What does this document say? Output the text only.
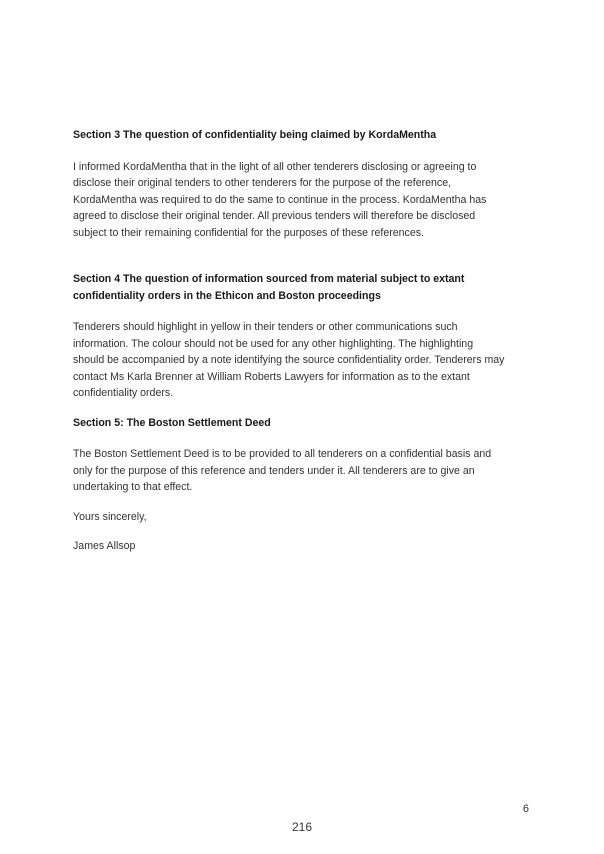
Section 3 The question of confidentiality being claimed by KordaMentha

I informed KordaMentha that in the light of all other tenderers disclosing or agreeing to
disclose their original tenders to other tenderers for the purpose of the reference,
KordaMentha was required to do the same to continue in the process. KordaMentha has
agreed to disclose their original tender. All previous tenders will therefore be disclosed
subject to their remaining confidential for the purposes of these references.

Section 4 The question of information sourced from material subject to extant
confidentiality orders in the Ethicon and Boston proceedings

Tenderers should highlight in yellow in their tenders or other communications such
information. The colour should not be used for any other highlighting. The highlighting
should be accompanied by a note identifying the source confidentiality order. Tenderers may
contact Ms Karla Brenner at William Roberts Lawyers for information as to the extant
confidentiality orders.

Section 5: The Boston Settlement Deed

The Boston Settlement Deed is to be provided to all tenderers on a confidential basis and
only for the purpose of this reference and tenders under it. All tenderers are to give an
undertaking to that effect.

Yours sincerely,

James Allsop

6
216
